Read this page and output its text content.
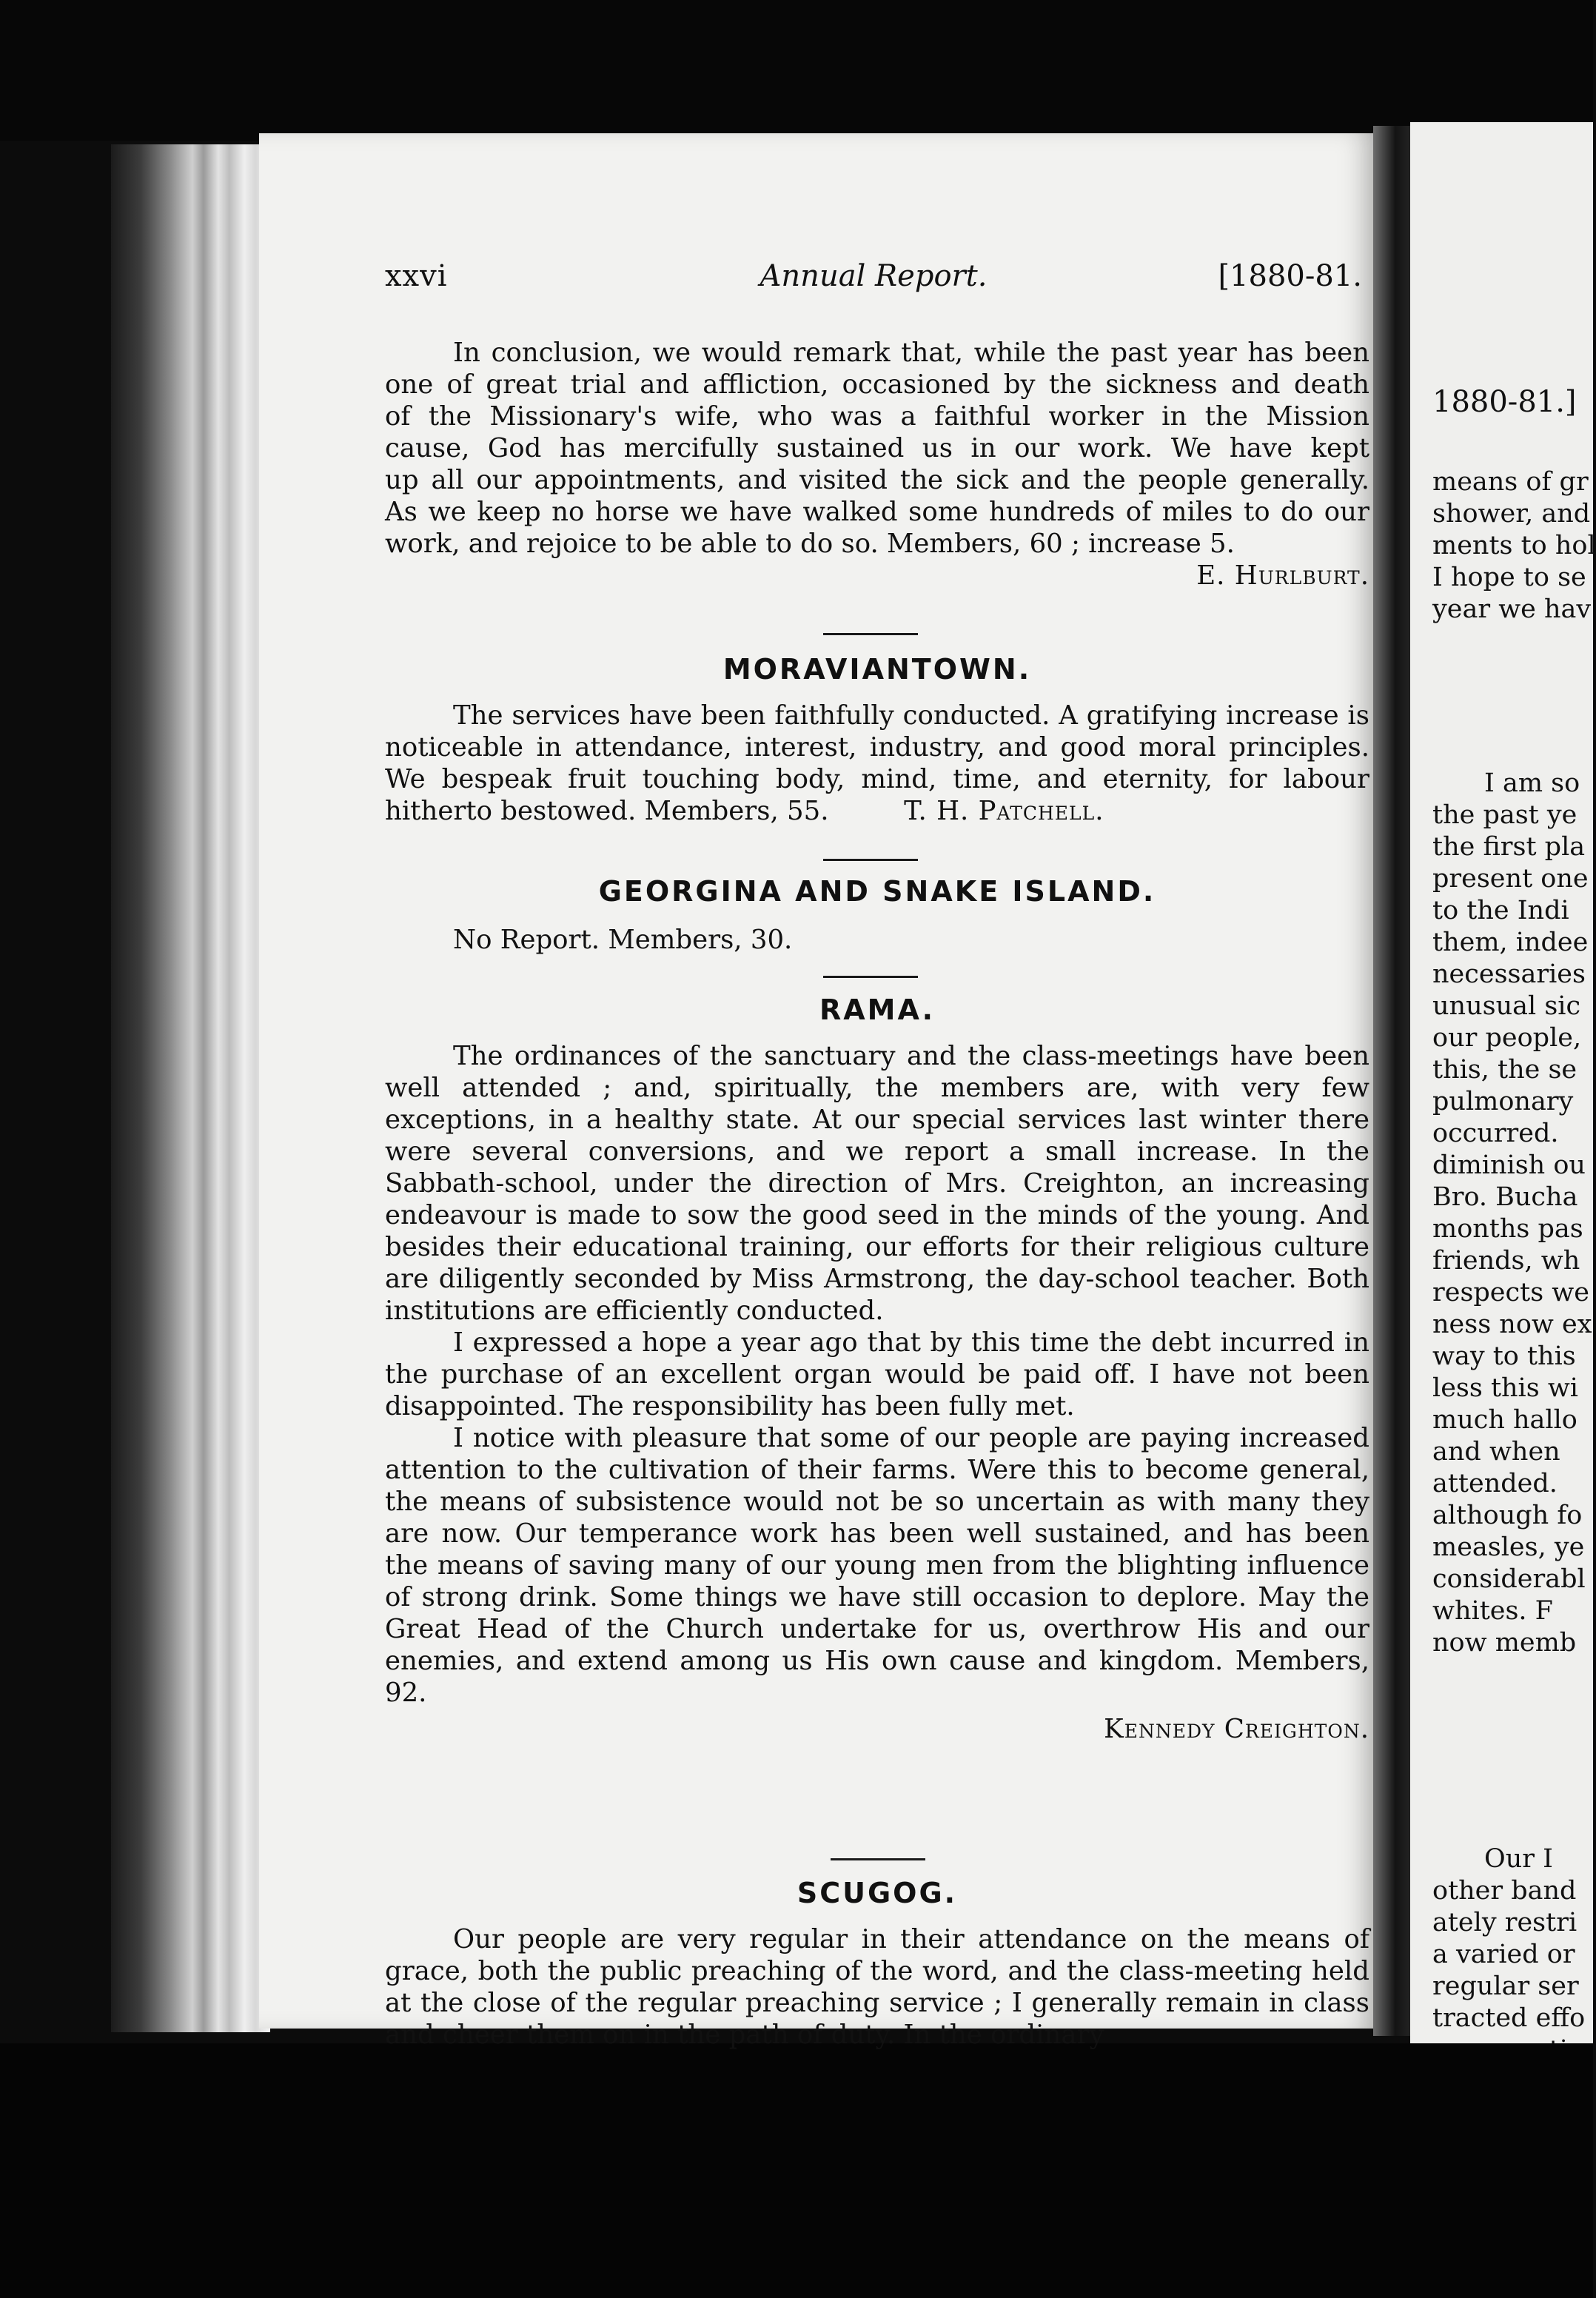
1880-81.]
means of gr
shower, and
ments to hol
I hope to se
year we hav
I am so
the past ye
the first pla
present one
to the Indi
them, indee
necessaries
unusual sic
our people,
this, the se
pulmonary
occurred.
diminish ou
Bro. Bucha
months pas
friends, wh
respects we
ness now ex
way to this
less this wi
much hallo
and when
attended.
although fo
measles, ye
considerabl
whites. F
now memb
Our I
other band
ately restri
a varied or
regular ser
tracted effo
xxvi	Annual Report.	[1880-81.
In conclusion, we would remark that, while the past year has been
one of great trial and affliction, occasioned by the sickness and death
of the Missionary's wife, who was a faithful worker in the Mission
cause, God has mercifully sustained us in our work. We have kept
up all our appointments, and visited the sick and the people generally.
As we keep no horse we have walked some hundreds of miles to do our
work, and rejoice to be able to do so. Members, 60 ; increase 5.
E. Hurlburt.
MORAVIANTOWN.

The services have been faithfully conducted. A gratifying increase is noticeable in attendance, interest, industry, and good moral principles. We bespeak fruit touching body, mind, time, and eternity, for labour hitherto bestowed. Members, 55.	T. H. Patchell.

GEORGINA AND SNAKE ISLAND.

No Report. Members, 30.

RAMA.

The ordinances of the sanctuary and the class-meetings have been well attended ; and, spiritually, the members are, with very few exceptions, in a healthy state. At our special services last winter there were several conversions, and we report a small increase. In the Sabbath-school, under the direction of Mrs. Creighton, an increasing endeavour is made to sow the good seed in the minds of the young. And besides their educational training, our efforts for their religious culture are diligently seconded by Miss Armstrong, the day-school teacher. Both institutions are efficiently conducted.

I expressed a hope a year ago that by this time the debt incurred in the purchase of an excellent organ would be paid off. I have not been disappointed. The responsibility has been fully met.

I notice with pleasure that some of our people are paying increased attention to the cultivation of their farms. Were this to become general, the means of subsistence would not be so uncertain as with many they are now. Our temperance work has been well sustained, and has been the means of saving many of our young men from the blighting influence of strong drink. Some things we have still occasion to deplore. May the Great Head of the Church undertake for us, overthrow His and our enemies, and extend among us His own cause and kingdom. Members, 92.

Kennedy Creighton.
SCUGOG.

Our people are very regular in their attendance on the means of grace, both the public preaching of the word, and the class-meeting held at the close of the regular preaching service ; I generally remain in class and cheer them on in the path of duty. In the ordinary
